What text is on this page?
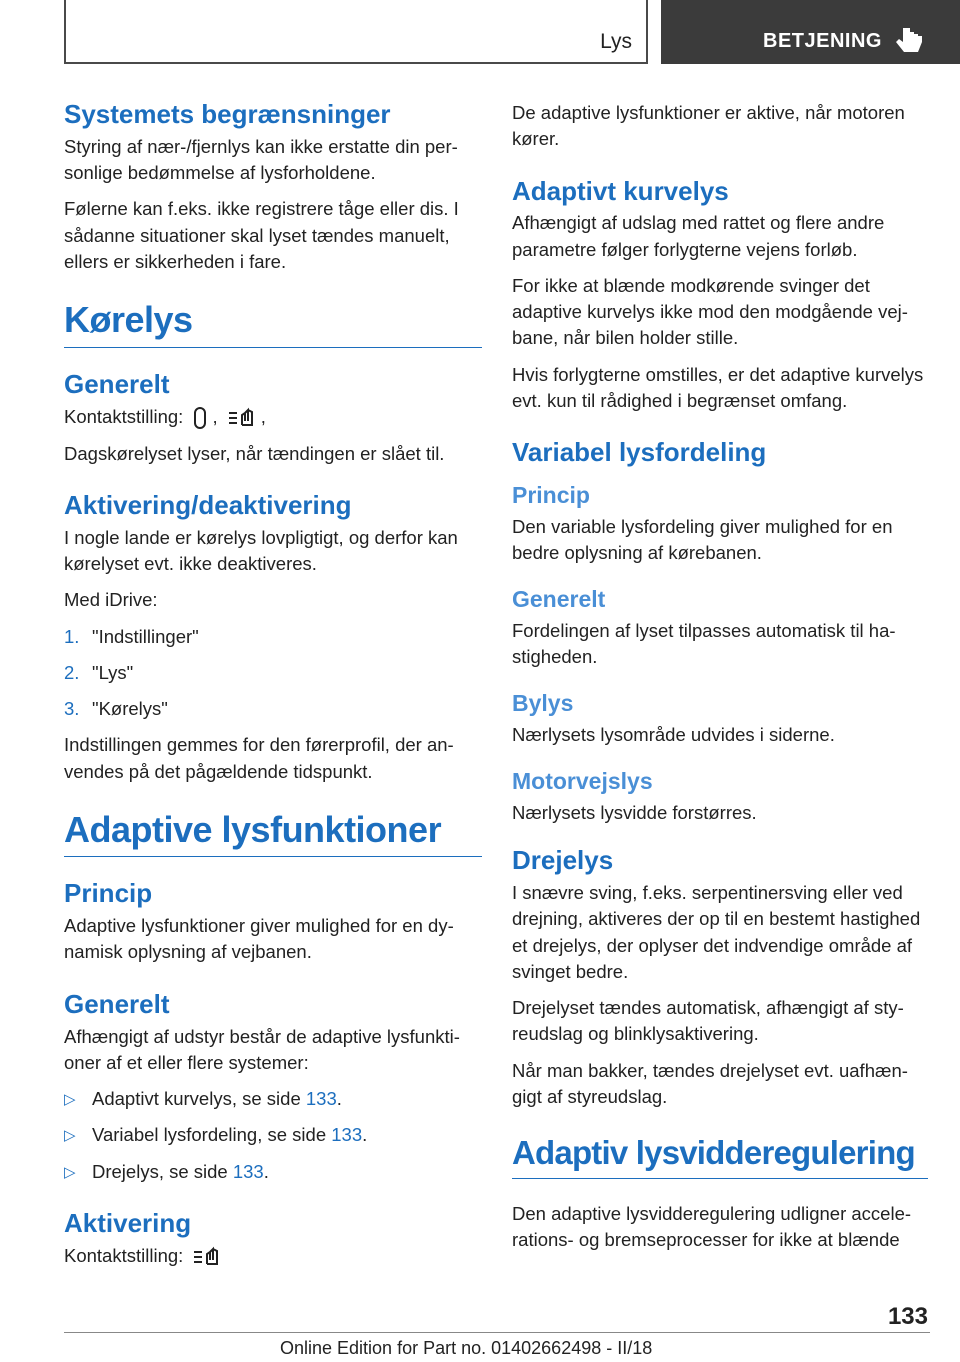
Lys	BETJENING
Systemets begrænsninger

Styring af nær-/fjernlys kan ikke erstatte din personlige bedømmelse af lysforholdene.

Følerne kan f.eks. ikke registrere tåge eller dis. I sådanne situationer skal lyset tændes manuelt, ellers er sikkerheden i fare.

Kørelys
Generelt

Kontaktstilling: , ,

Dagskørelyset lyser, når tændingen er slået til.

Aktivering/deaktivering

I nogle lande er kørelys lovpligtigt, og derfor kan kørelyset evt. ikke deaktiveres.

Med iDrive:

1. "Indstillinger"
2. "Lys"
3. "Kørelys"

Indstillingen gemmes for den førerprofil, der anvendes på det pågældende tidspunkt.

Adaptive lysfunktioner
Princip

Adaptive lysfunktioner giver mulighed for en dynamisk oplysning af vejbanen.

Generelt

Afhængigt af udstyr består de adaptive lysfunktioner af et eller flere systemer:

▷ Adaptivt kurvelys, se side 133.
▷ Variabel lysfordeling, se side 133.
▷ Drejelys, se side 133.
Aktivering

Kontaktstilling:

De adaptive lysfunktioner er aktive, når motoren kører.

Adaptivt kurvelys

Afhængigt af udslag med rattet og flere andre parametre følger forlygterne vejens forløb.

For ikke at blænde modkørende svinger det adaptive kurvelys ikke mod den modgående vejbane, når bilen holder stille.

Hvis forlygterne omstilles, er det adaptive kurvelys evt. kun til rådighed i begrænset omfang.

Variabel lysfordeling
Princip

Den variable lysfordeling giver mulighed for en bedre oplysning af kørebanen.

Generelt

Fordelingen af lyset tilpasses automatisk til hastigheden.

Bylys

Nærlysets lysområde udvides i siderne.

Motorvejslys

Nærlysets lysvidde forstørres.

Drejelys

I snævre sving, f.eks. serpentinersving eller ved drejning, aktiveres der op til en bestemt hastighed et drejelys, der oplyser det indvendige område af svinget bedre.

Drejelyset tændes automatisk, afhængigt af styreudslag og blinklysaktivering.

Når man bakker, tændes drejelyset evt. uafhængigt af styreudslag.

Adaptiv lysvidderegulering

Den adaptive lysvidderegulering udligner accelerations- og bremseprocesser for ikke at blænde

133
Online Edition for Part no. 01402662498 - II/18
